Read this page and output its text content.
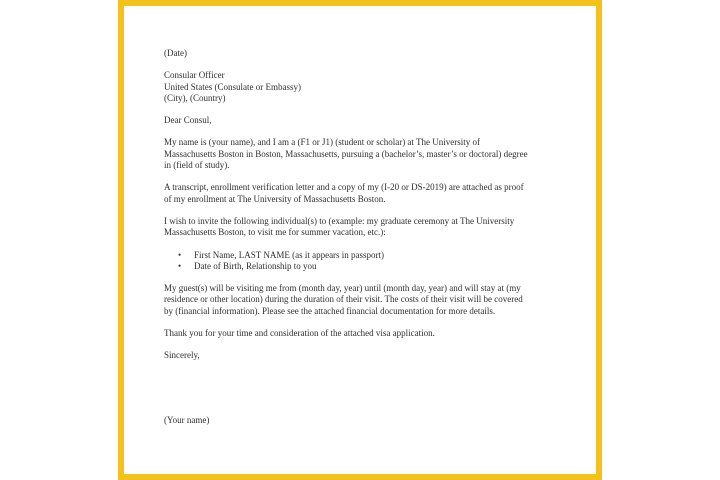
(Date)

Consular Officer

United States (Consulate or Embassy)

(City), (Country)

Dear Consul,

My name is (your name), and I am a (F1 or J1) (student or scholar) at The University of

Massachusetts Boston in Boston, Massachusetts, pursuing a (bachelor’s, master’s or doctoral) degree

in (field of study).

A transcript, enrollment verification letter and a copy of my (I-20 or DS-2019) are attached as proof

of my enrollment at The University of Massachusetts Boston.

I wish to invite the following individual(s) to (example: my graduate ceremony at The University

Massachusetts Boston, to visit me for summer vacation, etc.):

• First Name, LAST NAME (as it appears in passport)
• Date of Birth, Relationship to you

My guest(s) will be visiting me from (month day, year) until (month day, year) and will stay at (my

residence or other location) during the duration of their visit. The costs of their visit will be covered

by (financial information). Please see the attached financial documentation for more details.

Thank you for your time and consideration of the attached visa application.

Sincerely,

(Your name)
